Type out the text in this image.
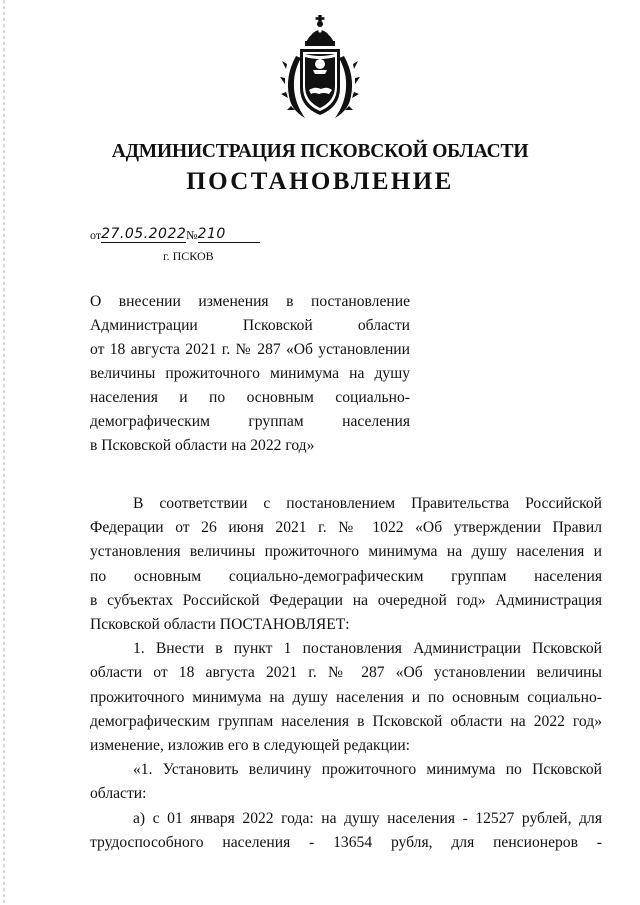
АДМИНИСТРАЦИЯ ПСКОВСКОЙ ОБЛАСТИ
ПОСТАНОВЛЕНИЕ
от27.05.2022№210
г. ПСКОВ
О внесении изменения в постановление
Администрации Псковской области
от 18 августа 2021 г. № 287 «Об установлении
величины прожиточного минимума на душу
населения и по основным социально-
демографическим группам населения
в Псковской области на 2022 год»
В соответствии с постановлением Правительства Российской
Федерации от 26 июня 2021 г. № 1022 «Об утверждении Правил
установления величины прожиточного минимума на душу населения и
по основным социально-демографическим группам населения
в субъектах Российской Федерации на очередной год» Администрация
Псковской области ПОСТАНОВЛЯЕТ:
1. Внести в пункт 1 постановления Администрации Псковской
области от 18 августа 2021 г. № 287 «Об установлении величины
прожиточного минимума на душу населения и по основным социально-
демографическим группам населения в Псковской области на 2022 год»
изменение, изложив его в следующей редакции:
«1. Установить величину прожиточного минимума по Псковской
области:
а) с 01 января 2022 года: на душу населения - 12527 рублей, для
трудоспособного населения - 13654 рубля, для пенсионеров -
